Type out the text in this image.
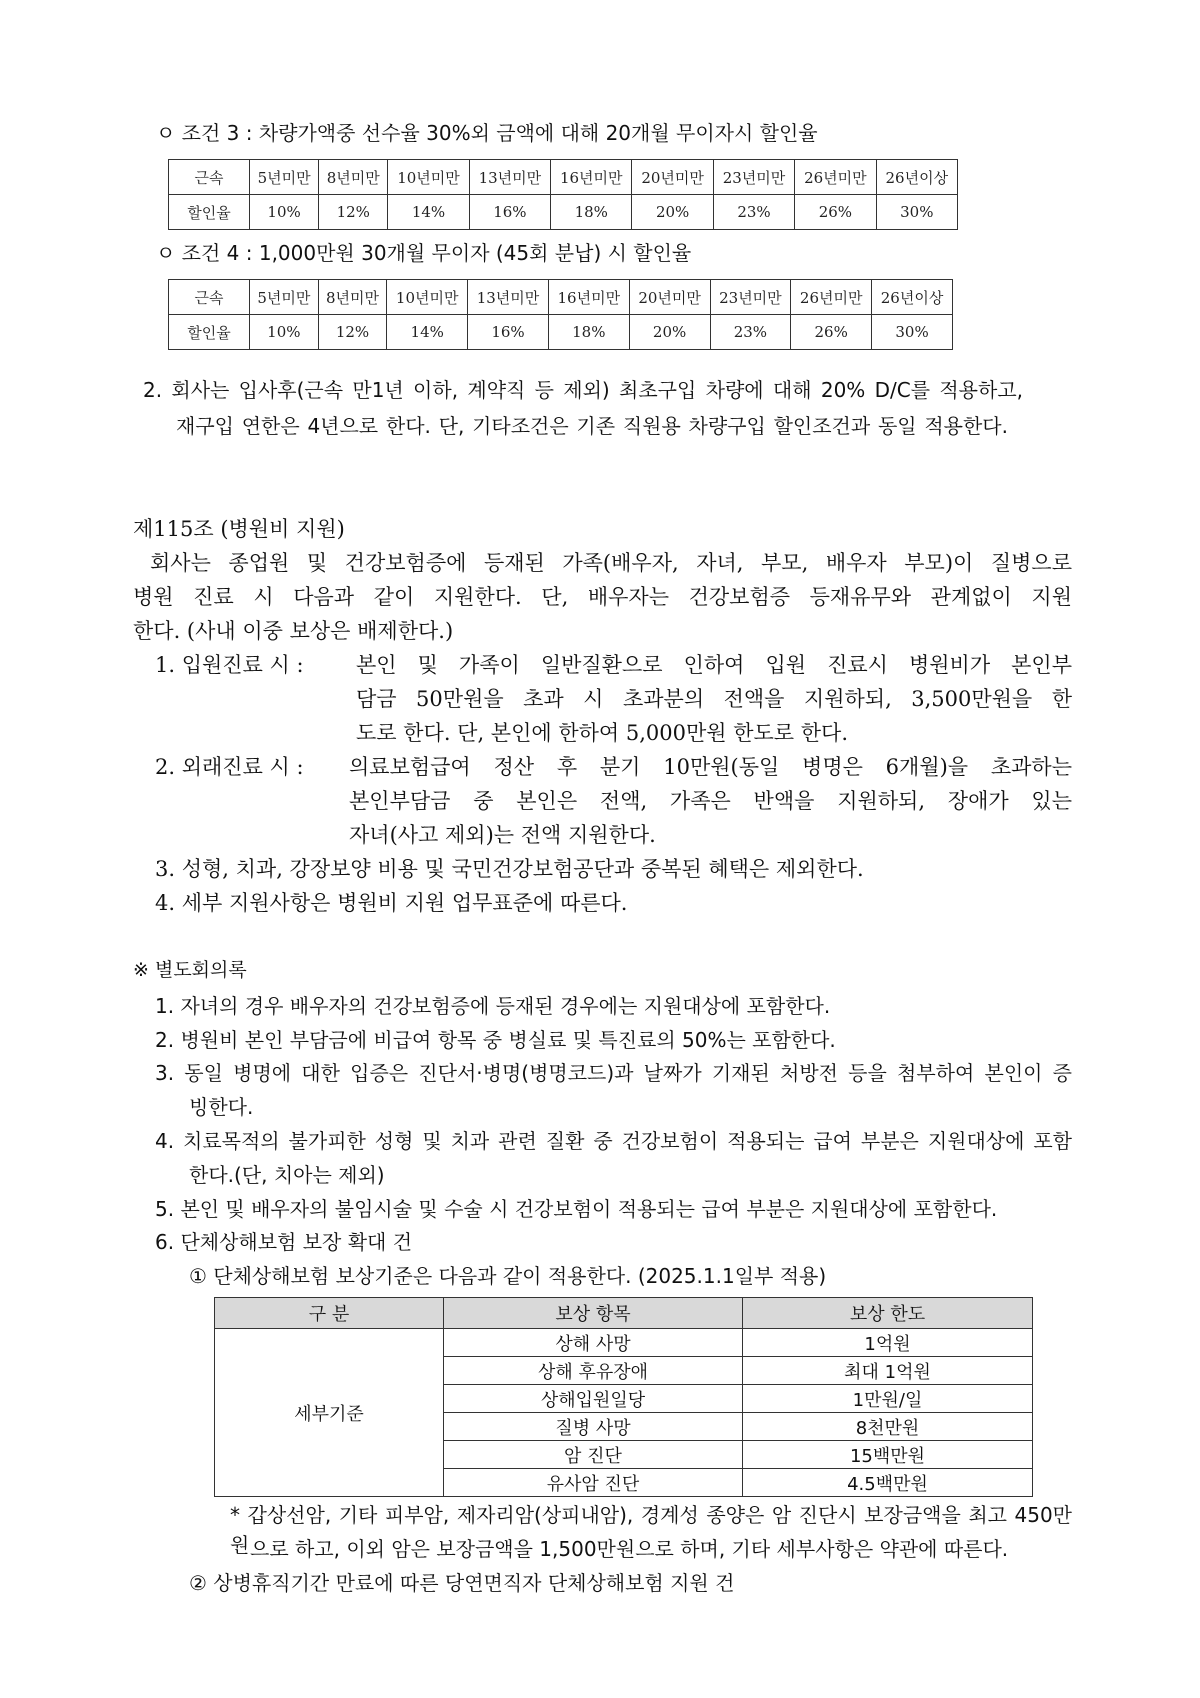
ㅇ 조건 3 : 차량가액중 선수율 30%외 금액에 대해 20개월 무이자시 할인율
근속	5년미만	8년미만	10년미만	13년미만	16년미만	20년미만	23년미만	26년미만	26년이상
할인율	10%	12%	14%	16%	18%	20%	23%	26%	30%
ㅇ 조건 4 : 1,000만원 30개월 무이자 (45회 분납) 시 할인율
근속	5년미만	8년미만	10년미만	13년미만	16년미만	20년미만	23년미만	26년미만	26년이상
할인율	10%	12%	14%	16%	18%	20%	23%	26%	30%
2. 회사는 입사후(근속 만1년 이하, 계약직 등 제외) 최초구입 차량에 대해 20% D/C를 적용하고,
재구입 연한은 4년으로 한다. 단, 기타조건은 기존 직원용 차량구입 할인조건과 동일 적용한다.
제115조 (병원비 지원)
회사는 종업원 및 건강보험증에 등재된 가족(배우자, 자녀, 부모, 배우자 부모)이 질병으로
병원 진료 시 다음과 같이 지원한다. 단, 배우자는 건강보험증 등재유무와 관계없이 지원
한다. (사내 이중 보상은 배제한다.)
1. 입원진료 시 : 본인 및 가족이 일반질환으로 인하여 입원 진료시 병원비가 본인부
담금 50만원을 초과 시 초과분의 전액을 지원하되, 3,500만원을 한
도로 한다. 단, 본인에 한하여 5,000만원 한도로 한다.
2. 외래진료 시 : 의료보험급여 정산 후 분기 10만원(동일 병명은 6개월)을 초과하는
본인부담금 중 본인은 전액, 가족은 반액을 지원하되, 장애가 있는
자녀(사고 제외)는 전액 지원한다.
3. 성형, 치과, 강장보양 비용 및 국민건강보험공단과 중복된 혜택은 제외한다.
4. 세부 지원사항은 병원비 지원 업무표준에 따른다.
※ 별도회의록
1. 자녀의 경우 배우자의 건강보험증에 등재된 경우에는 지원대상에 포함한다.
2. 병원비 본인 부담금에 비급여 항목 중 병실료 및 특진료의 50%는 포함한다.
3. 동일 병명에 대한 입증은 진단서·병명(병명코드)과 날짜가 기재된 처방전 등을 첨부하여 본인이 증
빙한다.
4. 치료목적의 불가피한 성형 및 치과 관련 질환 중 건강보험이 적용되는 급여 부분은 지원대상에 포함
한다.(단, 치아는 제외)
5. 본인 및 배우자의 불임시술 및 수술 시 건강보험이 적용되는 급여 부분은 지원대상에 포함한다.
6. 단체상해보험 보장 확대 건
① 단체상해보험 보상기준은 다음과 같이 적용한다. (2025.1.1일부 적용)
구 분	보상 항목	보상 한도
세부기준	상해 사망	1억원
	상해 후유장애	최대 1억원
	상해입원일당	1만원/일
	질병 사망	8천만원
	암 진단	15백만원
	유사암 진단	4.5백만원
* 갑상선암, 기타 피부암, 제자리암(상피내암), 경계성 종양은 암 진단시 보장금액을 최고 450만원 으로 하고, 이외 암은 보장금액을 1,500만원으로 하며, 기타 세부사항은 약관에 따른다.
② 상병휴직기간 만료에 따른 당연면직자 단체상해보험 지원 건
